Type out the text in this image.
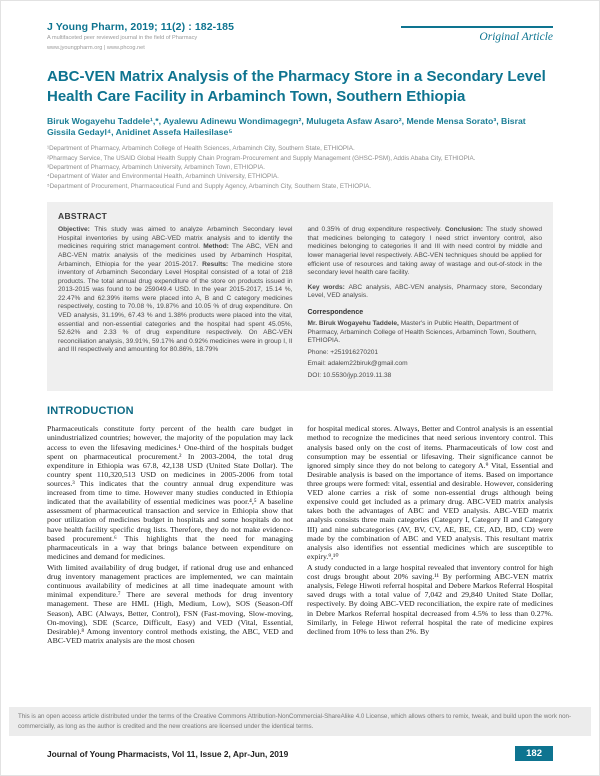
J Young Pharm, 2019; 11(2) : 182-185
A multifaceted peer reviewed journal in the field of Pharmacy
www.jyoungpharm.org | www.phcog.net
Original Article
ABC-VEN Matrix Analysis of the Pharmacy Store in a Secondary Level Health Care Facility in Arbaminch Town, Southern Ethiopia
Biruk Wogayehu Taddele¹,*, Ayalewu Adinewu Wondimagegn², Mulugeta Asfaw Asaro², Mende Mensa Sorato³, Bisrat Gissila Gedayl⁴, Anidinet Assefa Hailesilase⁵
¹Department of Pharmacy, Arbaminch College of Health Sciences, Arbaminch City, Southern State, ETHIOPIA.
²Pharmacy Service, The USAID Global Health Supply Chain Program-Procurement and Supply Management (GHSC-PSM), Addis Ababa City, ETHIOPIA.
³Department of Pharmacy, Arbaminch University, Arbaminch Town, ETHIOPIA.
⁴Department of Water and Environmental Health, Arbaminch University, ETHIOPIA.
⁵Department of Procurement, Pharmaceutical Fund and Supply Agency, Arbaminch City, Southern State, ETHIOPIA.
ABSTRACT

Objective: This study was aimed to analyze Arbaminch Secondary level Hospital inventories by using ABC-VED matrix analysis and to identify the medicines requiring strict management control. Method: The ABC, VEN and ABC-VEN matrix analysis of the medicines used by Arbaminch Hospital, Arbaminch, Ethiopia for the year 2015-2017. Results: The medicine store inventory of Arbaminch Secondary Level Hospital consisted of a total of 218 products. The total annual drug expenditure of the store on products issued in 2013-2015 was found to be 259049.4 USD. In the year 2015-2017, 15.14 %, 22.47% and 62.39% items were placed into A, B and C category medicines respectively, costing to 70.08 %, 19.87% and 10.05 % of drug expenditure. On VED analysis, 31.19%, 67.43 % and 1.38% products were placed into the vital, essential and non-essential categories and the hospital had spent 45.05%, 52.62% and 2.33 % of drug expenditure respectively. On ABC-VEN reconciliation analysis, 39.91%, 59.17% and 0.92% medicines were in group I, II and III respectively and amounting for 80.86%, 18.79%

and 0.35% of drug expenditure respectively. Conclusion: The study showed that medicines belonging to category I need strict inventory control, also medicines belonging to categories II and III with need control by middle and lower managerial level respectively. ABC-VEN techniques should be applied for efficient use of resources and taking away of wastage and out-of-stock in the secondary level health care facility.

Key words: ABC analysis, ABC-VEN analysis, Pharmacy store, Secondary Level, VED analysis.

Correspondence

Mr. Biruk Wogayehu Taddele, Master's in Public Health, Department of Pharmacy, Arbaminch College of Health Sciences, Arbaminch Town, Southern, ETHIOPIA.

Phone: +251916270201

Email: adalem22biruk@gmail.com

DOI: 10.5530/jyp.2019.11.38

INTRODUCTION

Pharmaceuticals constitute forty percent of the health care budget in unindustrialized countries; however, the majority of the population may lack access to even the lifesaving medicines.¹ One-third of the hospitals budget spent on pharmaceutical procurement.² In 2003-2004, the total drug expenditure in Ethiopia was 67.8, 42,138 USD (United State Dollar). The country spent 110,320,513 USD on medicines in 2005-2006 from total sources.³ This indicates that the country annual drug expenditure was increased from time to time. However many studies conducted in Ethiopia indicated that the availability of essential medicines was poor.⁴,⁵ A baseline assessment of pharmaceutical transaction and service in Ethiopia show that poor utilization of medicines budget in hospitals and some hospitals do not have health facility specific drug lists. Therefore, they do not make evidence-based procurement.⁶ This highlights that the need for managing pharmaceuticals in a way that brings balance between expenditure on medicines and demand for medicines.

With limited availability of drug budget, if rational drug use and enhanced drug inventory management practices are implemented, we can maintain continuous availability of medicines at all time inadequate amount with minimal expenditure.⁷ There are several methods for drug inventory management. These are HML (High, Medium, Low), SOS (Season-Off Season), ABC (Always, Better, Control), FSN (Fast-moving, Slow-moving, On-moving), SDE (Scarce, Difficult, Easy) and VED (Vital, Essential, Desirable).⁸ Among inventory control methods existing, the ABC, VED and ABC-VED matrix analysis are the most chosen

for hospital medical stores. Always, Better and Control analysis is an essential method to recognize the medicines that need serious inventory control. This analysis based only on the cost of items. Pharmaceuticals of low cost and consumption may be essential or lifesaving. Their significance cannot be ignored simply since they do not belong to category A.⁹ Vital, Essential and Desirable analysis is based on the importance of items. Based on importance three groups were formed: vital, essential and desirable. However, considering VED alone carries a risk of some non-essential drugs although being expensive could get included as a primary drug. ABC-VED matrix analysis takes both the advantages of ABC and VED analysis. ABC-VED matrix analysis consists three main categories (Category I, Category II and Category III) and nine subcategories (AV, BV, CV, AE, BE, CE, AD, BD, CD) were made by the combination of ABC and VED analysis. This resultant matrix analysis also identifies not essential medicines which are susceptible to expiry.⁹,¹⁰

A study conducted in a large hospital revealed that inventory control for high cost drugs brought about 20% saving.¹¹ By performing ABC-VEN matrix analysis, Felege Hiwoti referral hospital and Debere Markos Referral Hospital saved drugs with a total value of 7,042 and 29,840 United State Dollar, respectively. By doing ABC-VED reconciliation, the expire rate of medicines in Debre Markos Referral hospital decreased from 4.5% to less than 0.27%. Similarly, in Felege Hiwot referral hospital the rate of medicine expires declined from 10% to less than 2%. By

This is an open access article distributed under the terms of the Creative Commons Attribution-NonCommercial-ShareAlike 4.0 License, which allows others to remix, tweak, and build upon the work non-commercially, as long as the author is credited and the new creations are licensed under the identical terms.
Journal of Young Pharmacists, Vol 11, Issue 2, Apr-Jun, 2019	182
